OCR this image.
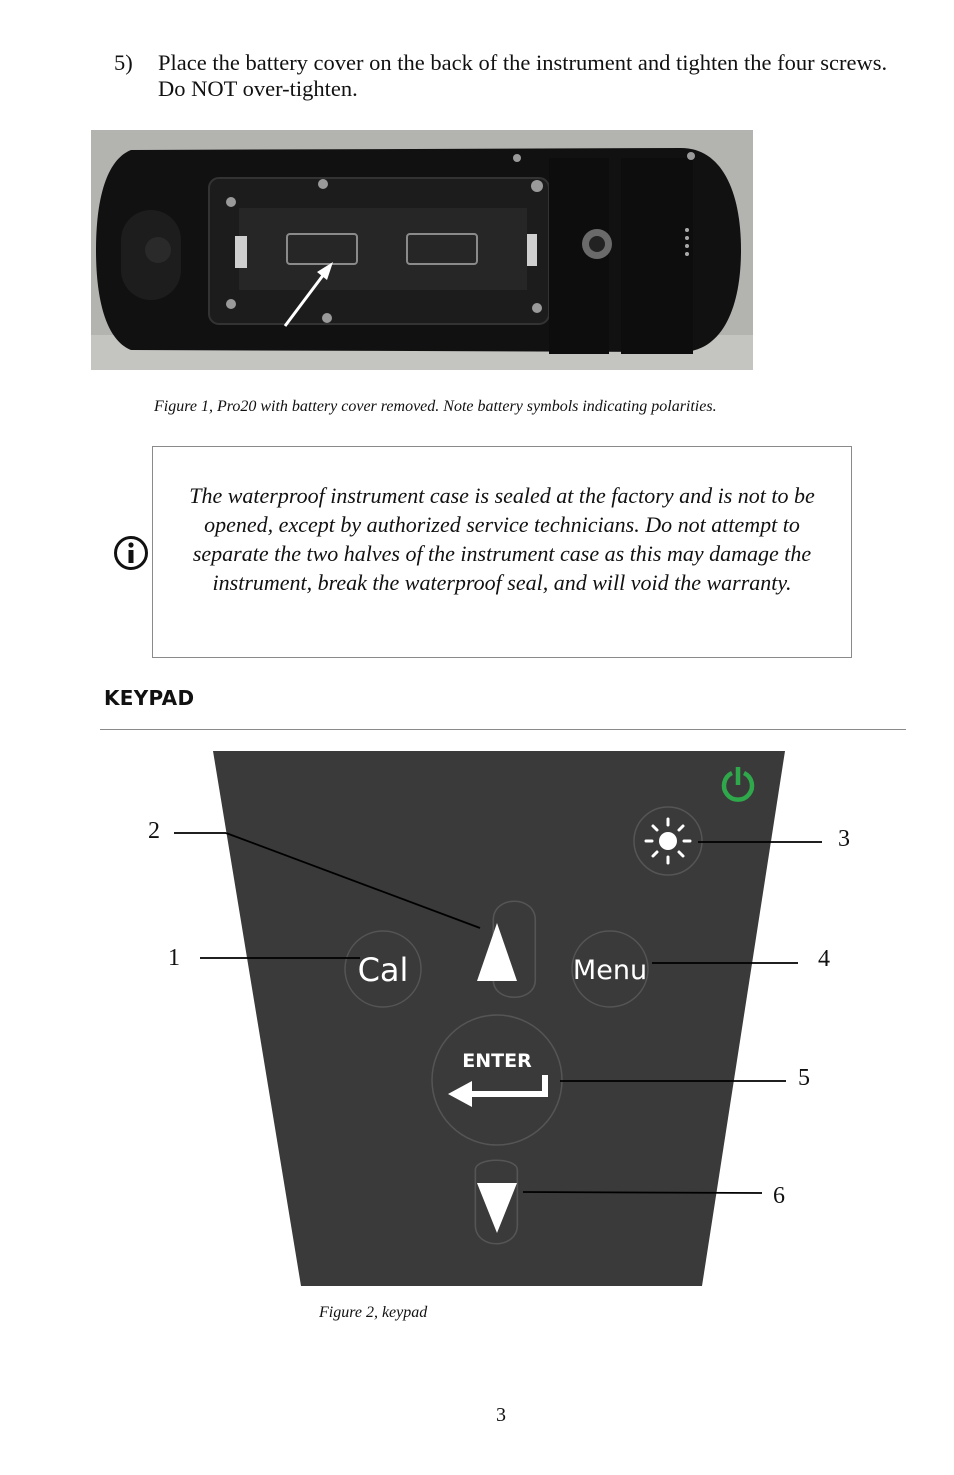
5) Place the battery cover on the back of the instrument and tighten the four screws. Do NOT over-tighten.
Figure 1, Pro20 with battery cover removed. Note battery symbols indicating polarities.
The waterproof instrument case is sealed at the factory and is not to be opened, except by authorized service technicians. Do not attempt to separate the two halves of the instrument case as this may damage the instrument, break the waterproof seal, and will void the warranty.
KEYPAD
Cal	Menu
ENTER
1
2	3
4
5
6
Figure 2, keypad
3
